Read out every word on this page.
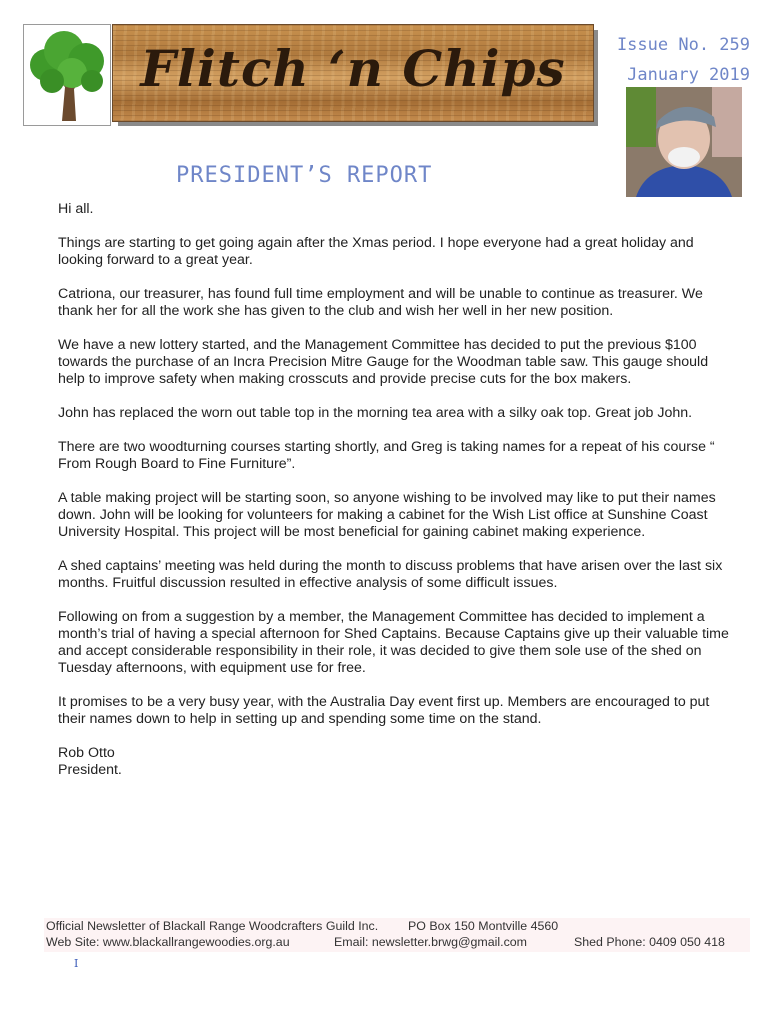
Flitch ‘n Chips	Issue No. 259
January 2019
PRESIDENT’S REPORT

Hi all.

Things are starting to get going again after the Xmas period. I hope everyone had a great holiday and looking forward to a great year.

Catriona, our treasurer, has found full time employment and will be unable to continue as treasurer. We thank her for all the work she has given to the club and wish her well in her new position.

We have a new lottery started, and the Management Committee has decided to put the previous $100 towards the purchase of an Incra Precision Mitre Gauge for the Woodman table saw. This gauge should help to improve safety when making crosscuts and provide precise cuts for the box makers.

John has replaced the worn out table top in the morning tea area with a silky oak top. Great job John.

There are two woodturning courses starting shortly, and Greg is taking names for a repeat of his course “ From Rough Board to Fine Furniture”.

A table making project will be starting soon, so anyone wishing to be involved may like to put their names down. John will be looking for volunteers for making a cabinet for the Wish List office at Sunshine Coast University Hospital. This project will be most beneficial for gaining cabinet making experience.

A shed captains’ meeting was held during the month to discuss problems that have arisen over the last six months. Fruitful discussion resulted in effective analysis of some difficult issues.

Following on from a suggestion by a member, the Management Committee has decided to implement a month’s trial of having a special afternoon for Shed Captains. Because Captains give up their valuable time and accept considerable responsibility in their role, it was decided to give them sole use of the shed on Tuesday afternoons, with equipment use for free.

It promises to be a very busy year, with the Australia Day event first up. Members are encouraged to put their names down to help in setting up and spending some time on the stand.

Rob Otto
President.
Official Newsletter of Blackall Range Woodcrafters Guild Inc. PO Box 150 Montville 4560
Web Site: www.blackallrangewoodies.org.au	Email: newsletter.brwg@gmail.com	Shed Phone: 0409 050 418
I
